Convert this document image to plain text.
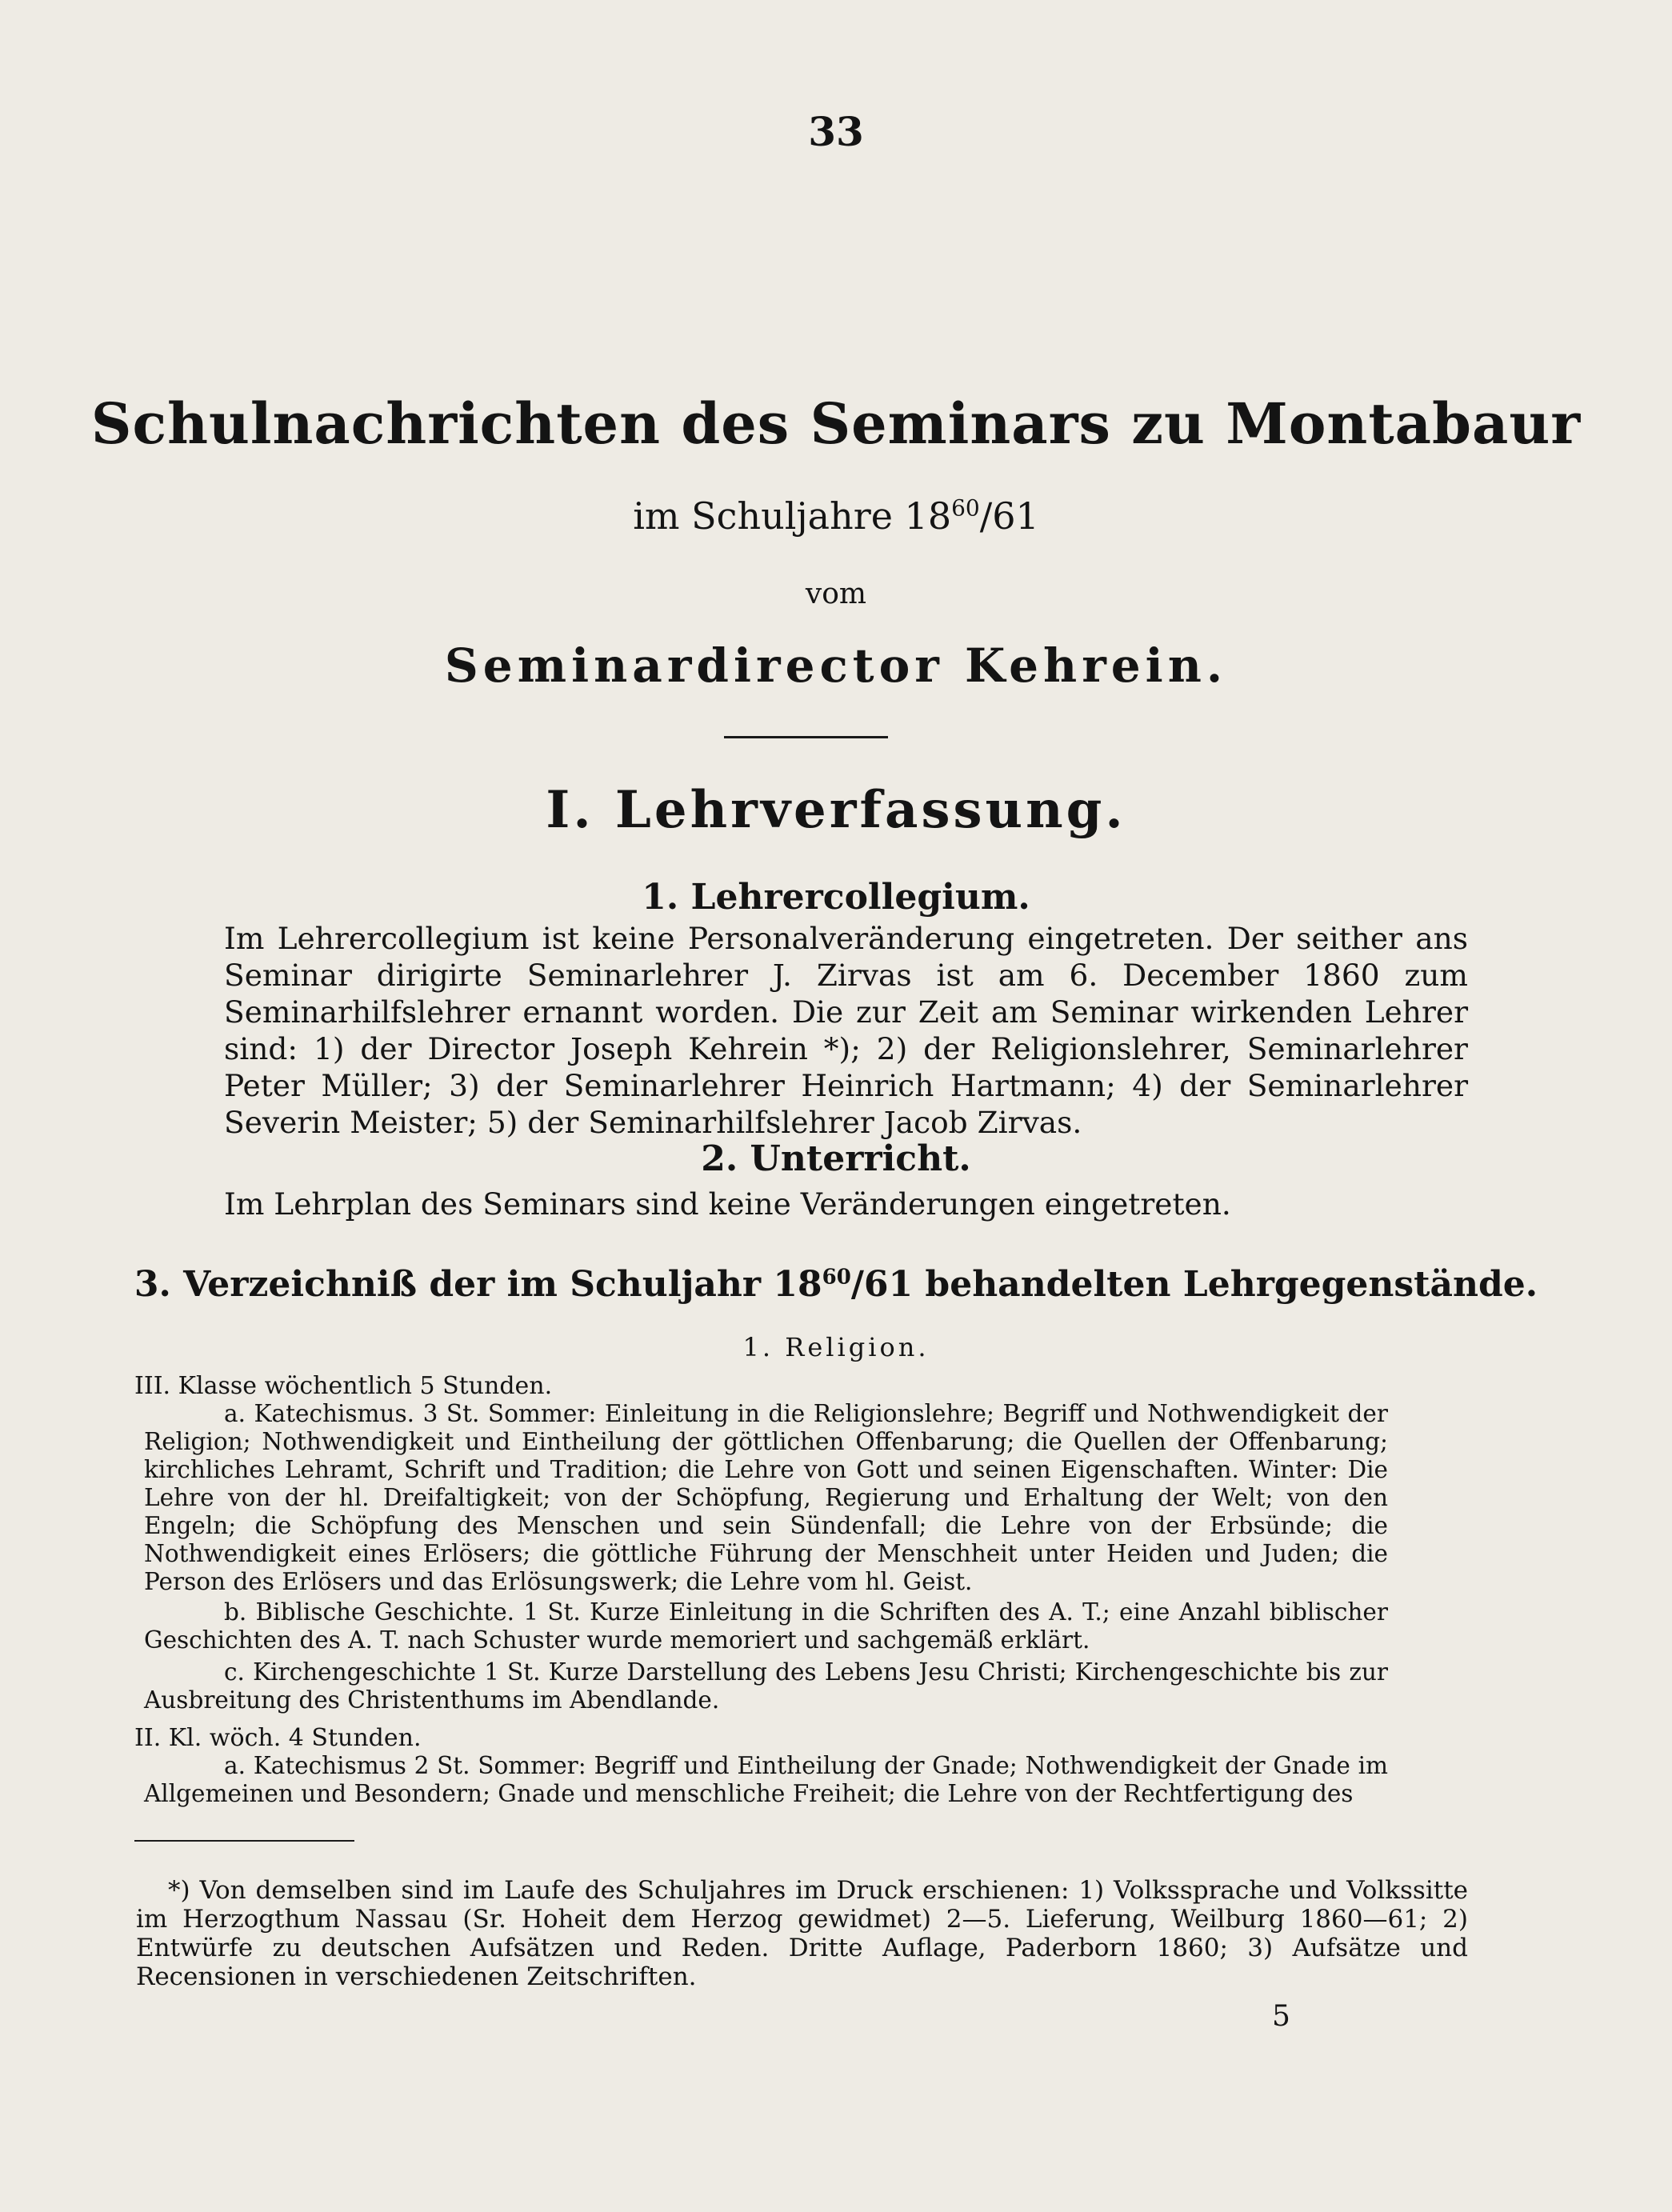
33
Schulnachrichten des Seminars zu Montabaur
im Schuljahre $18^{60}/61$
vom
Seminardirector Kehrein.
I. Lehrverfassung.
1. Lehrercollegium.
Im Lehrercollegium ist keine Personalveränderung eingetreten. Der seither ans Seminar dirigirte Seminarlehrer J. Zirvas ist am 6. December 1860 zum Seminarhilfslehrer ernannt worden. Die zur Zeit am Seminar wirkenden Lehrer sind: 1) der Director Joseph Kehrein *); 2) der Religionslehrer, Seminarlehrer Peter Müller; 3) der Seminarlehrer Heinrich Hartmann; 4) der Seminarlehrer Severin Meister; 5) der Seminarhilfslehrer Jacob Zirvas.
2. Unterricht.
Im Lehrplan des Seminars sind keine Veränderungen eingetreten.
3. Verzeichniß der im Schuljahr $18^{60}/61$ behandelten Lehrgegenstände.
1. Religion.
III. Klasse wöchentlich 5 Stunden.
a. Katechismus. 3 St. Sommer: Einleitung in die Religionslehre; Begriff und Nothwendigkeit der Religion; Nothwendigkeit und Eintheilung der göttlichen Offenbarung; die Quellen der Offenbarung; kirchliches Lehramt, Schrift und Tradition; die Lehre von Gott und seinen Eigenschaften. Winter: Die Lehre von der hl. Dreifaltigkeit; von der Schöpfung, Regierung und Erhaltung der Welt; von den Engeln; die Schöpfung des Menschen und sein Sündenfall; die Lehre von der Erbsünde; die Nothwendigkeit eines Erlösers; die göttliche Führung der Menschheit unter Heiden und Juden; die Person des Erlösers und das Erlösungswerk; die Lehre vom hl. Geist.
b. Biblische Geschichte. 1 St. Kurze Einleitung in die Schriften des A. T.; eine Anzahl biblischer Geschichten des A. T. nach Schuster wurde memoriert und sachgemäß erklärt.
c. Kirchengeschichte 1 St. Kurze Darstellung des Lebens Jesu Christi; Kirchengeschichte bis zur Ausbreitung des Christenthums im Abendlande.
II. Kl. wöch. 4 Stunden.
a. Katechismus 2 St. Sommer: Begriff und Eintheilung der Gnade; Nothwendigkeit der Gnade im Allgemeinen und Besondern; Gnade und menschliche Freiheit; die Lehre von der Rechtfertigung des
*) Von demselben sind im Laufe des Schuljahres im Druck erschienen: 1) Volkssprache und Volkssitte im Herzogthum Nassau (Sr. Hoheit dem Herzog gewidmet) 2—5. Lieferung, Weilburg 1860—61; 2) Entwürfe zu deutschen Aufsätzen und Reden. Dritte Auflage, Paderborn 1860; 3) Aufsätze und Recensionen in verschiedenen Zeitschriften.
5
